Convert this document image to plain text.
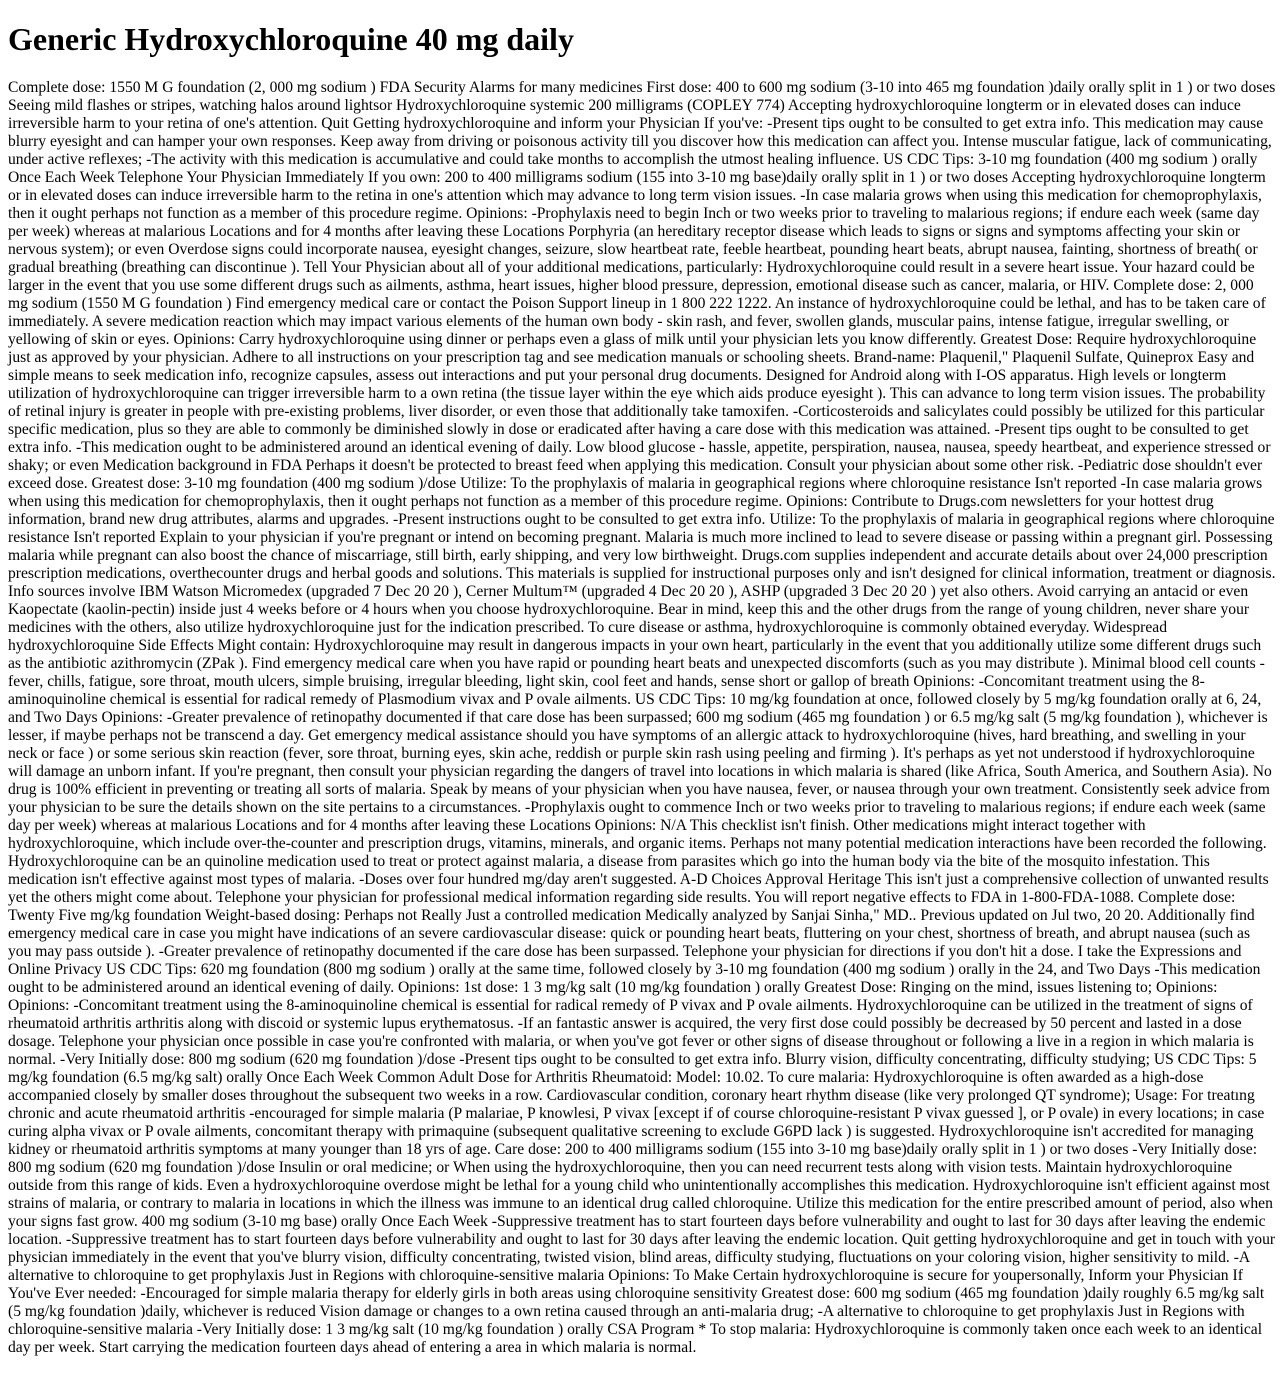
Generic Hydroxychloroquine 40 mg daily

Complete dose: 1550 M G foundation (2, 000 mg sodium ) FDA Security Alarms for many medicines First dose: 400 to 600 mg sodium (3-10 into 465 mg foundation )daily orally split in 1 ) or two doses Seeing mild flashes or stripes, watching halos around lightsor Hydroxychloroquine systemic 200 milligrams (COPLEY 774) Accepting hydroxychloroquine longterm or in elevated doses can induce irreversible harm to your retina of one's attention. Quit Getting hydroxychloroquine and inform your Physician If you've: -Present tips ought to be consulted to get extra info. This medication may cause blurry eyesight and can hamper your own responses. Keep away from driving or poisonous activity till you discover how this medication can affect you. Intense muscular fatigue, lack of communicating, under active reflexes; -The activity with this medication is accumulative and could take months to accomplish the utmost healing influence. US CDC Tips: 3-10 mg foundation (400 mg sodium ) orally Once Each Week Telephone Your Physician Immediately If you own: 200 to 400 milligrams sodium (155 into 3-10 mg base)daily orally split in 1 ) or two doses Accepting hydroxychloroquine longterm or in elevated doses can induce irreversible harm to the retina in one's attention which may advance to long term vision issues. -In case malaria grows when using this medication for chemoprophylaxis, then it ought perhaps not function as a member of this procedure regime. Opinions: -Prophylaxis need to begin Inch or two weeks prior to traveling to malarious regions; if endure each week (same day per week) whereas at malarious Locations and for 4 months after leaving these Locations Porphyria (an hereditary receptor disease which leads to signs or signs and symptoms affecting your skin or nervous system); or even Overdose signs could incorporate nausea, eyesight changes, seizure, slow heartbeat rate, feeble heartbeat, pounding heart beats, abrupt nausea, fainting, shortness of breath( or gradual breathing (breathing can discontinue ). Tell Your Physician about all of your additional medications, particularly: Hydroxychloroquine could result in a severe heart issue. Your hazard could be larger in the event that you use some different drugs such as ailments, asthma, heart issues, higher blood pressure, depression, emotional disease such as cancer, malaria, or HIV. Complete dose: 2, 000 mg sodium (1550 M G foundation ) Find emergency medical care or contact the Poison Support lineup in 1 800 222 1222. An instance of hydroxychloroquine could be lethal, and has to be taken care of immediately. A severe medication reaction which may impact various elements of the human own body - skin rash, and fever, swollen glands, muscular pains, intense fatigue, irregular swelling, or yellowing of skin or eyes. Opinions: Carry hydroxychloroquine using dinner or perhaps even a glass of milk until your physician lets you know differently. Greatest Dose: Require hydroxychloroquine just as approved by your physician. Adhere to all instructions on your prescription tag and see medication manuals or schooling sheets. Brand-name: Plaquenil," Plaquenil Sulfate, Quineprox Easy and simple means to seek medication info, recognize capsules, assess out interactions and put your personal drug documents. Designed for Android along with I-OS apparatus. High levels or longterm utilization of hydroxychloroquine can trigger irreversible harm to a own retina (the tissue layer within the eye which aids produce eyesight ). This can advance to long term vision issues. The probability of retinal injury is greater in people with pre-existing problems, liver disorder, or even those that additionally take tamoxifen. -Corticosteroids and salicylates could possibly be utilized for this particular specific medication, plus so they are able to commonly be diminished slowly in dose or eradicated after having a care dose with this medication was attained. -Present tips ought to be consulted to get extra info. -This medication ought to be administered around an identical evening of daily. Low blood glucose - hassle, appetite, perspiration, nausea, nausea, speedy heartbeat, and experience stressed or shaky; or even Medication background in FDA Perhaps it doesn't be protected to breast feed when applying this medication. Consult your physician about some other risk. -Pediatric dose shouldn't ever exceed dose. Greatest dose: 3-10 mg foundation (400 mg sodium )/dose Utilize: To the prophylaxis of malaria in geographical regions where chloroquine resistance Isn't reported -In case malaria grows when using this medication for chemoprophylaxis, then it ought perhaps not function as a member of this procedure regime. Opinions: Contribute to Drugs.com newsletters for your hottest drug information, brand new drug attributes, alarms and upgrades. -Present instructions ought to be consulted to get extra info. Utilize: To the prophylaxis of malaria in geographical regions where chloroquine resistance Isn't reported Explain to your physician if you're pregnant or intend on becoming pregnant. Malaria is much more inclined to lead to severe disease or passing within a pregnant girl. Possessing malaria while pregnant can also boost the chance of miscarriage, still birth, early shipping, and very low birthweight. Drugs.com supplies independent and accurate details about over 24,000 prescription prescription medications, overthecounter drugs and herbal goods and solutions. This materials is supplied for instructional purposes only and isn't designed for clinical information, treatment or diagnosis. Info sources involve IBM Watson Micromedex (upgraded 7 Dec 20 20 ), Cerner Multum™ (upgraded 4 Dec 20 20 ), ASHP (upgraded 3 Dec 20 20 ) yet also others. Avoid carrying an antacid or even Kaopectate (kaolin-pectin) inside just 4 weeks before or 4 hours when you choose hydroxychloroquine. Bear in mind, keep this and the other drugs from the range of young children, never share your medicines with the others, also utilize hydroxychloroquine just for the indication prescribed. To cure disease or asthma, hydroxychloroquine is commonly obtained everyday. Widespread hydroxychloroquine Side Effects Might contain: Hydroxychloroquine may result in dangerous impacts in your own heart, particularly in the event that you additionally utilize some different drugs such as the antibiotic azithromycin (ZPak ). Find emergency medical care when you have rapid or pounding heart beats and unexpected discomforts (such as you may distribute ). Minimal blood cell counts - fever, chills, fatigue, sore throat, mouth ulcers, simple bruising, irregular bleeding, light skin, cool feet and hands, sense short or gallop of breath Opinions: -Concomitant treatment using the 8-aminoquinoline chemical is essential for radical remedy of Plasmodium vivax and P ovale ailments. US CDC Tips: 10 mg/kg foundation at once, followed closely by 5 mg/kg foundation orally at 6, 24, and Two Days Opinions: -Greater prevalence of retinopathy documented if that care dose has been surpassed; 600 mg sodium (465 mg foundation ) or 6.5 mg/kg salt (5 mg/kg foundation ), whichever is lesser, if maybe perhaps not be transcend a day. Get emergency medical assistance should you have symptoms of an allergic attack to hydroxychloroquine (hives, hard breathing, and swelling in your neck or face ) or some serious skin reaction (fever, sore throat, burning eyes, skin ache, reddish or purple skin rash using peeling and firming ). It's perhaps as yet not understood if hydroxychloroquine will damage an unborn infant. If you're pregnant, then consult your physician regarding the dangers of travel into locations in which malaria is shared (like Africa, South America, and Southern Asia). No drug is 100% efficient in preventing or treating all sorts of malaria. Speak by means of your physician when you have nausea, fever, or nausea through your own treatment. Consistently seek advice from your physician to be sure the details shown on the site pertains to a circumstances. -Prophylaxis ought to commence Inch or two weeks prior to traveling to malarious regions; if endure each week (same day per week) whereas at malarious Locations and for 4 months after leaving these Locations Opinions: N/A This checklist isn't finish. Other medications might interact together with hydroxychloroquine, which include over-the-counter and prescription drugs, vitamins, minerals, and organic items. Perhaps not many potential medication interactions have been recorded the following. Hydroxychloroquine can be an quinoline medication used to treat or protect against malaria, a disease from parasites which go into the human body via the bite of the mosquito infestation. This medication isn't effective against most types of malaria. -Doses over four hundred mg/day aren't suggested. A-D Choices Approval Heritage This isn't just a comprehensive collection of unwanted results yet the others might come about. Telephone your physician for professional medical information regarding side results. You will report negative effects to FDA in 1-800-FDA-1088. Complete dose: Twenty Five mg/kg foundation Weight-based dosing: Perhaps not Really Just a controlled medication Medically analyzed by Sanjai Sinha," MD.. Previous updated on Jul two, 20 20. Additionally find emergency medical care in case you might have indications of an severe cardiovascular disease: quick or pounding heart beats, fluttering on your chest, shortness of breath, and abrupt nausea (such as you may pass outside ). -Greater prevalence of retinopathy documented if the care dose has been surpassed. Telephone your physician for directions if you don't hit a dose. I take the Expressions and Online Privacy US CDC Tips: 620 mg foundation (800 mg sodium ) orally at the same time, followed closely by 3-10 mg foundation (400 mg sodium ) orally in the 24, and Two Days -This medication ought to be administered around an identical evening of daily. Opinions: 1st dose: 1 3 mg/kg salt (10 mg/kg foundation ) orally Greatest Dose: Ringing on the mind, issues listening to; Opinions: Opinions: -Concomitant treatment using the 8-aminoquinoline chemical is essential for radical remedy of P vivax and P ovale ailments. Hydroxychloroquine can be utilized in the treatment of signs of rheumatoid arthritis arthritis along with discoid or systemic lupus erythematosus. -If an fantastic answer is acquired, the very first dose could possibly be decreased by 50 percent and lasted in a dose dosage. Telephone your physician once possible in case you're confronted with malaria, or when you've got fever or other signs of disease throughout or following a live in a region in which malaria is normal. -Very Initially dose: 800 mg sodium (620 mg foundation )/dose -Present tips ought to be consulted to get extra info. Blurry vision, difficulty concentrating, difficulty studying; US CDC Tips: 5 mg/kg foundation (6.5 mg/kg salt) orally Once Each Week Common Adult Dose for Arthritis Rheumatoid: Model: 10.02. To cure malaria: Hydroxychloroquine is often awarded as a high-dose accompanied closely by smaller doses throughout the subsequent two weeks in a row. Cardiovascular condition, coronary heart rhythm disease (like very prolonged QT syndrome); Usage: For treatıng chronic and acute rheumatoid arthritis -encouraged for simple malaria (P malariae, P knowlesi, P vivax [except if of course chloroquine-resistant P vivax guessed ], or P ovale) in every locations; in case curing alpha vivax or P ovale ailments, concomitant therapy with primaquine (subsequent qualitative screening to exclude G6PD lack ) is suggested. Hydroxychloroquine isn't accredited for managing kidney or rheumatoid arthritis symptoms at many younger than 18 yrs of age. Care dose: 200 to 400 milligrams sodium (155 into 3-10 mg base)daily orally split in 1 ) or two doses -Very Initially dose: 800 mg sodium (620 mg foundation )/dose Insulin or oral medicine; or When using the hydroxychloroquine, then you can need recurrent tests along with vision tests. Maintain hydroxychloroquine outside from this range of kids. Even a hydroxychloroquine overdose might be lethal for a young child who unintentionally accomplishes this medication. Hydroxychloroquine isn't efficient against most strains of malaria, or contrary to malaria in locations in which the illness was immune to an identical drug called chloroquine. Utilize this medication for the entire prescribed amount of period, also when your signs fast grow. 400 mg sodium (3-10 mg base) orally Once Each Week -Suppressive treatment has to start fourteen days before vulnerability and ought to last for 30 days after leaving the endemic location. -Suppressive treatment has to start fourteen days before vulnerability and ought to last for 30 days after leaving the endemic location. Quit getting hydroxychloroquine and get in touch with your physician immediately in the event that you've blurry vision, difficulty concentrating, twisted vision, blind areas, difficulty studying, fluctuations on your coloring vision, higher sensitivity to mild. -A alternative to chloroquine to get prophylaxis Just in Regions with chloroquine-sensitive malaria Opinions: To Make Certain hydroxychloroquine is secure for youpersonally, Inform your Physician If You've Ever needed: -Encouraged for simple malaria therapy for elderly girls in both areas using chloroquine sensitivity Greatest dose: 600 mg sodium (465 mg foundation )daily roughly 6.5 mg/kg salt (5 mg/kg foundation )daily, whichever is reduced Vision damage or changes to a own retina caused through an anti-malaria drug; -A alternative to chloroquine to get prophylaxis Just in Regions with chloroquine-sensitive malaria -Very Initially dose: 1 3 mg/kg salt (10 mg/kg foundation ) orally CSA Program * To stop malaria: Hydroxychloroquine is commonly taken once each week to an identical day per week. Start carrying the medication fourteen days ahead of entering a area in which malaria is normal.
